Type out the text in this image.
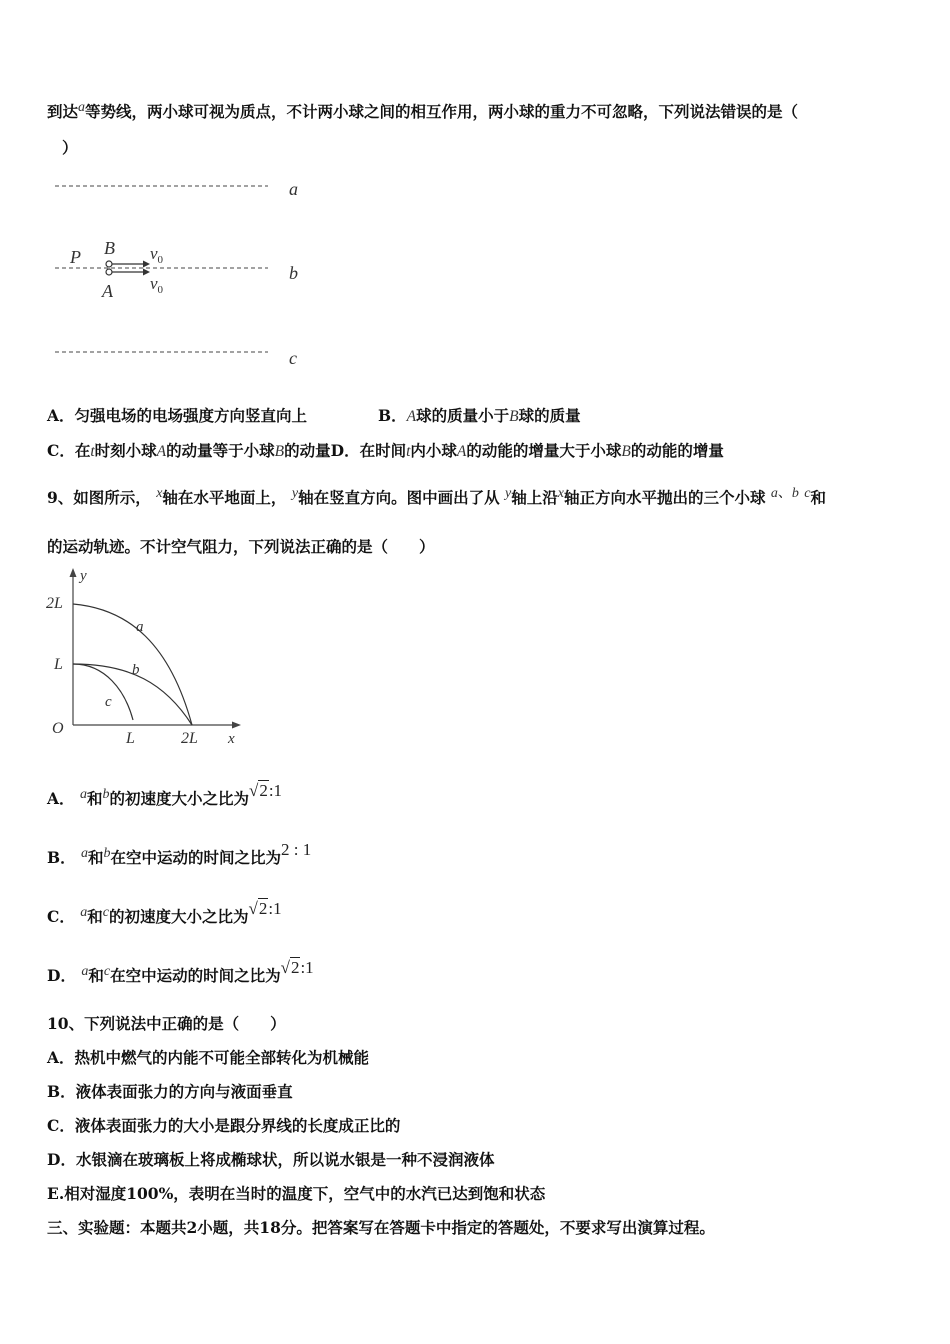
到达a等势线，两小球可视为质点，不计两小球之间的相互作用，两小球的重力不可忽略，下列说法错误的是（
）
a
b
c
P B
A
$v_0$
$v_0$
A．匀强电场的电场强度方向竖直向上	B．A球的质量小于B球的质量
C．在t时刻小球A的动量等于小球B的动量D．在时间t内小球A的动能的增量大于小球B的动能的增量
9、如图所示， x轴在水平地面上， y轴在竖直方向。图中画出了从 y轴上沿x轴正方向水平抛出的三个小球 a、b c和
的运动轨迹。不计空气阻力，下列说法正确的是（　　）
y
x
O
2L
L
L	2L
a
b
c
A． a和b的初速度大小之比为√2:1
B． a和b在空中运动的时间之比为2 : 1
C． a和c的初速度大小之比为√2:1
D． a和c在空中运动的时间之比为√2:1
10、下列说法中正确的是（　　）
A．热机中燃气的内能不可能全部转化为机械能
B．液体表面张力的方向与液面垂直
C．液体表面张力的大小是跟分界线的长度成正比的
D．水银滴在玻璃板上将成椭球状，所以说水银是一种不浸润液体
E.相对湿度100%，表明在当时的温度下，空气中的水汽已达到饱和状态
三、实验题：本题共2小题，共18分。把答案写在答题卡中指定的答题处，不要求写出演算过程。
